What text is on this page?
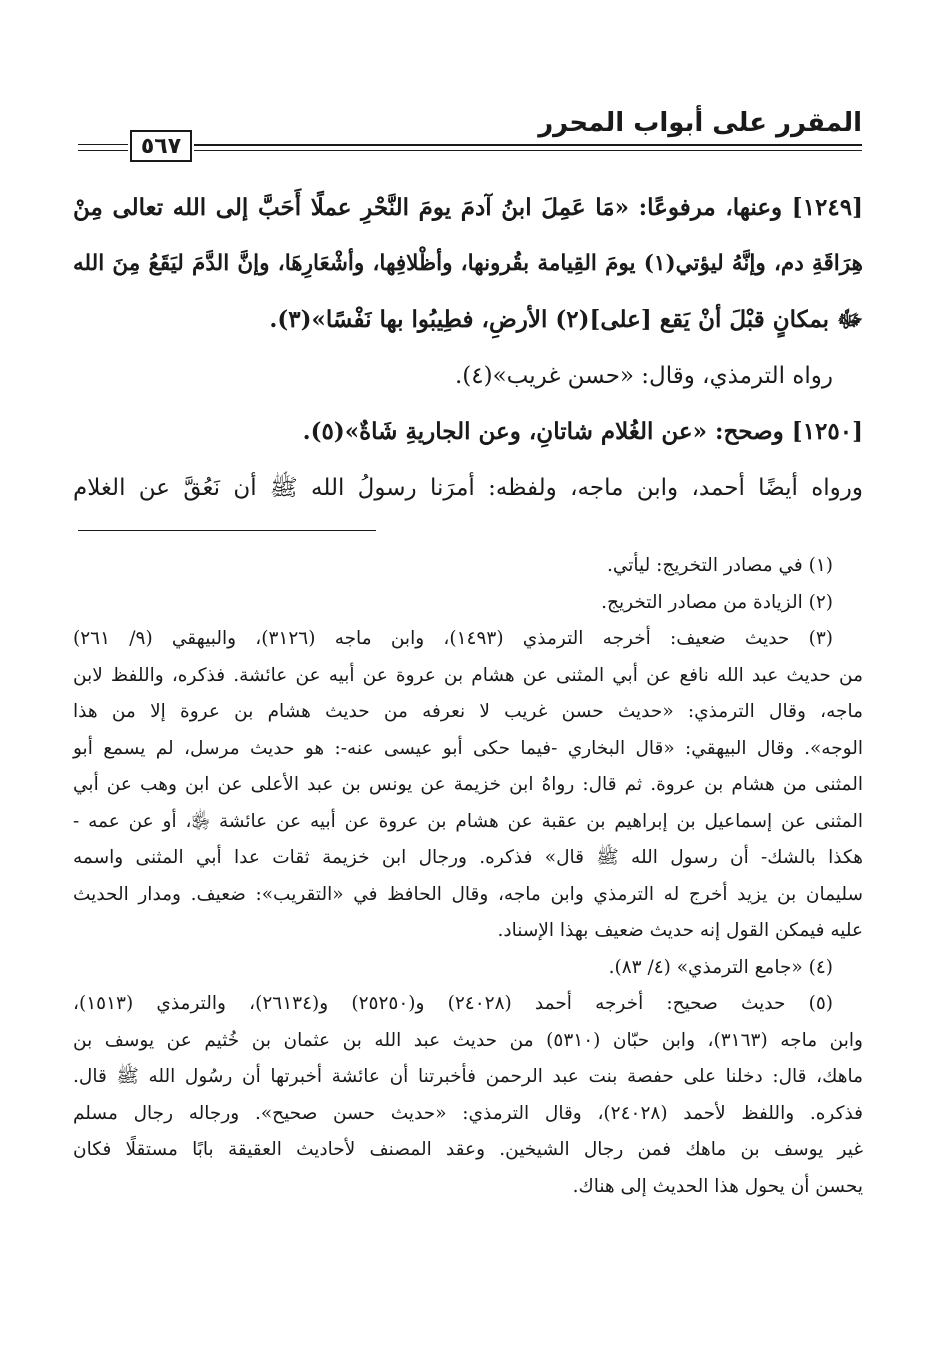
المقرر على أبواب المحرر
٥٦٧
[١٢٤٩] وعنها، مرفوعًا: «مَا عَمِلَ ابنُ آدمَ يومَ النَّحْرِ عملًا أَحَبَّ إلى الله تعالى مِنْ
هِرَاقَةِ دم، وإنَّهُ ليؤتي(١) يومَ القِيامة بقُرونها، وأظْلافِها، وأشْعَارِهَا، وإنَّ الدَّمَ ليَقَعُ مِنَ الله
ﷻ بمكانٍ قبْلَ أنْ يَقع [على](٢) الأرضِ، فطِيبُوا بها نَفْسًا»(٣).
رواه الترمذي، وقال: «حسن غريب»(٤).
[١٢٥٠] وصحح: «عن الغُلام شاتانِ، وعن الجاريةِ شَاةٌ»(٥).
ورواه أيضًا أحمد، وابن ماجه، ولفظه: أمرَنا رسولُ الله ﷺ أن نَعُقَّ عن الغلام
(١) في مصادر التخريج: ليأتي.
(٢) الزيادة من مصادر التخريج.
(٣) حديث ضعيف: أخرجه الترمذي (١٤٩٣)، وابن ماجه (٣١٢٦)، والبيهقي (٩/ ٢٦١)
من حديث عبد الله نافع عن أبي المثنى عن هشام بن عروة عن أبيه عن عائشة. فذكره، واللفظ لابن
ماجه، وقال الترمذي: «حديث حسن غريب لا نعرفه من حديث هشام بن عروة إلا من هذا
الوجه». وقال البيهقي: «قال البخاري -فيما حكى أبو عيسى عنه-: هو حديث مرسل، لم يسمع أبو
المثنى من هشام بن عروة. ثم قال: رواهُ ابن خزيمة عن يونس بن عبد الأعلى عن ابن وهب عن أبي
المثنى عن إسماعيل بن إبراهيم بن عقبة عن هشام بن عروة عن أبيه عن عائشة ﵂، أو عن عمه -
هكذا بالشك- أن رسول الله ﷺ قال» فذكره. ورجال ابن خزيمة ثقات عدا أبي المثنى واسمه
سليمان بن يزيد أخرج له الترمذي وابن ماجه، وقال الحافظ في «التقريب»: ضعيف. ومدار الحديث
عليه فيمكن القول إنه حديث ضعيف بهذا الإسناد.
(٤) «جامع الترمذي» (٤/ ٨٣).
(٥) حديث صحيح: أخرجه أحمد (٢٤٠٢٨) و(٢٥٢٥٠) و(٢٦١٣٤)، والترمذي (١٥١٣)،
وابن ماجه (٣١٦٣)، وابن حبّان (٥٣١٠) من حديث عبد الله بن عثمان بن خُثيم عن يوسف بن
ماهك، قال: دخلنا على حفصة بنت عبد الرحمن فأخبرتنا أن عائشة أخبرتها أن رسُول الله ﷺ قال.
فذكره. واللفظ لأحمد (٢٤٠٢٨)، وقال الترمذي: «حديث حسن صحيح». ورجاله رجال مسلم
غير يوسف بن ماهك فمن رجال الشيخين. وعقد المصنف لأحاديث العقيقة بابًا مستقلًا فكان
يحسن أن يحول هذا الحديث إلى هناك.
